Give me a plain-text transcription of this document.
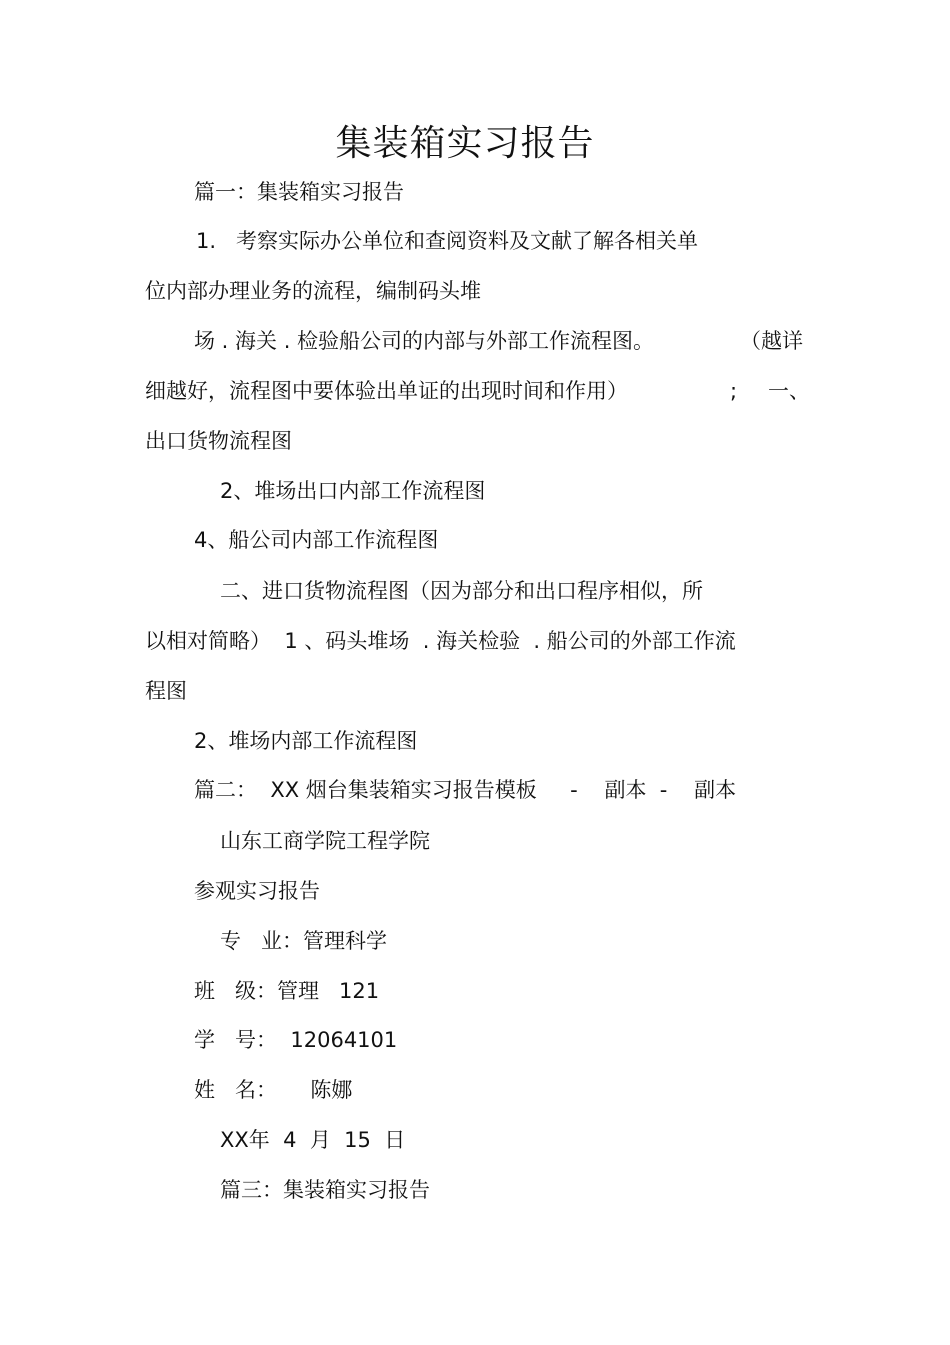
集装箱实习报告
篇一：集装箱实习报告
1.   考察实际办公单位和查阅资料及文献了解各相关单
位内部办理业务的流程，编制码头堆
场 . 海关 . 检验船公司的内部与外部工作流程图。	（越详
细越好，流程图中要体验出单证的出现时间和作用）	; 一、
出口货物流程图
2、堆场出口内部工作流程图
4、船公司内部工作流程图
二、进口货物流程图（因为部分和出口程序相似，所
以相对简略）  1 、码头堆场  . 海关检验  . 船公司的外部工作流
程图
2、堆场内部工作流程图
篇二：  XX 烟台集装箱实习报告模板     -    副本  -    副本
山东工商学院工程学院
参观实习报告
专   业：管理科学
班   级：管理   121
学   号：  12064101
姓   名：     陈娜
XX年  4  月  15  日
篇三：集装箱实习报告
